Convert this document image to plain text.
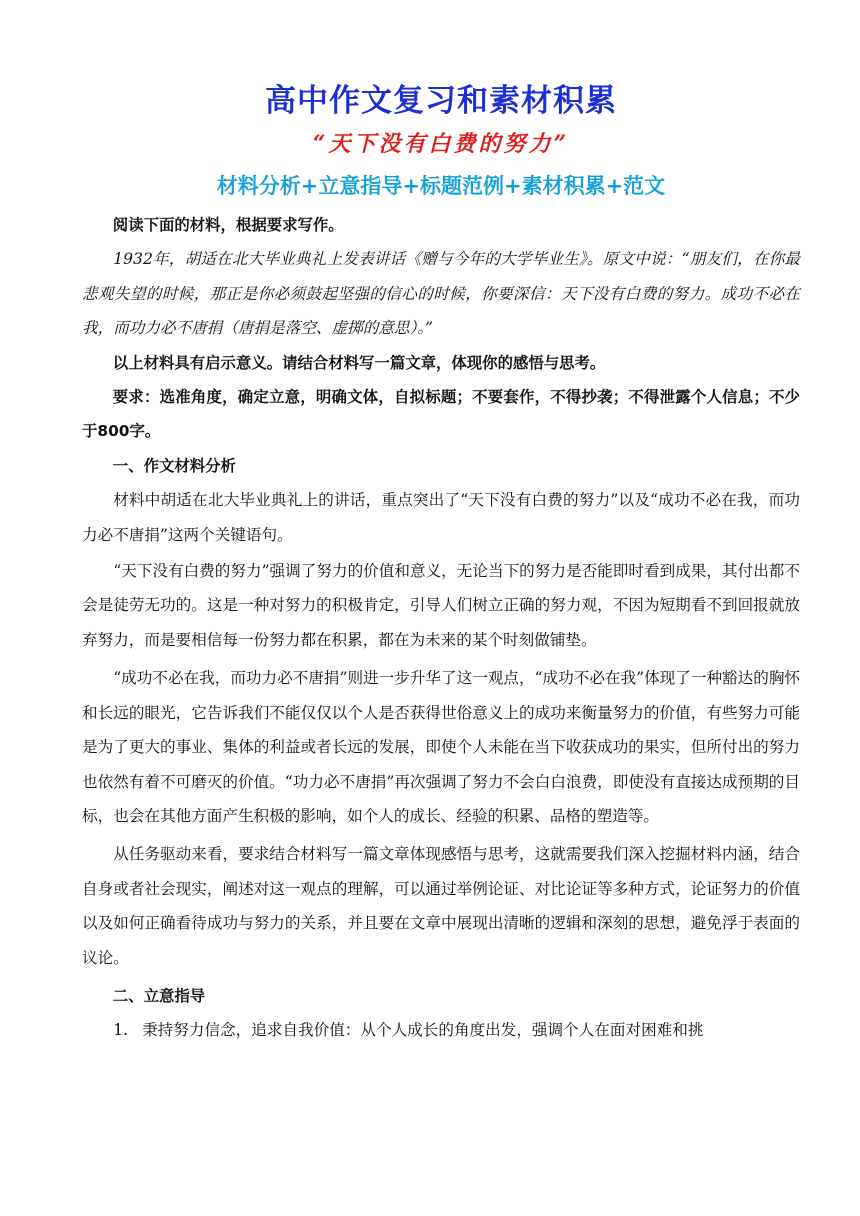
高中作文复习和素材积累
“天下没有白费的努力”
材料分析+立意指导+标题范例+素材积累+范文

阅读下面的材料，根据要求写作。

1932年，胡适在北大毕业典礼上发表讲话《赠与今年的大学毕业生》。原文中说：“朋友们，在你最悲观失望的时候，那正是你必须鼓起坚强的信心的时候，你要深信：天下没有白费的努力。成功不必在我，而功力必不唐捐（唐捐是落空、虚掷的意思）。”

以上材料具有启示意义。请结合材料写一篇文章，体现你的感悟与思考。

要求：选准角度，确定立意，明确文体，自拟标题；不要套作，不得抄袭；不得泄露个人信息；不少于800字。

一、作文材料分析

材料中胡适在北大毕业典礼上的讲话，重点突出了“天下没有白费的努力”以及“成功不必在我，而功力必不唐捐”这两个关键语句。

“天下没有白费的努力”强调了努力的价值和意义，无论当下的努力是否能即时看到成果，其付出都不会是徒劳无功的。这是一种对努力的积极肯定，引导人们树立正确的努力观，不因为短期看不到回报就放弃努力，而是要相信每一份努力都在积累，都在为未来的某个时刻做铺垫。

“成功不必在我，而功力必不唐捐”则进一步升华了这一观点，“成功不必在我”体现了一种豁达的胸怀和长远的眼光，它告诉我们不能仅仅以个人是否获得世俗意义上的成功来衡量努力的价值，有些努力可能是为了更大的事业、集体的利益或者长远的发展，即使个人未能在当下收获成功的果实，但所付出的努力也依然有着不可磨灭的价值。“功力必不唐捐”再次强调了努力不会白白浪费，即使没有直接达成预期的目标，也会在其他方面产生积极的影响，如个人的成长、经验的积累、品格的塑造等。

从任务驱动来看，要求结合材料写一篇文章体现感悟与思考，这就需要我们深入挖掘材料内涵，结合自身或者社会现实，阐述对这一观点的理解，可以通过举例论证、对比论证等多种方式，论证努力的价值以及如何正确看待成功与努力的关系，并且要在文章中展现出清晰的逻辑和深刻的思想，避免浮于表面的议论。

二、立意指导

1. 秉持努力信念，追求自我价值：从个人成长的角度出发，强调个人在面对困难和挑
